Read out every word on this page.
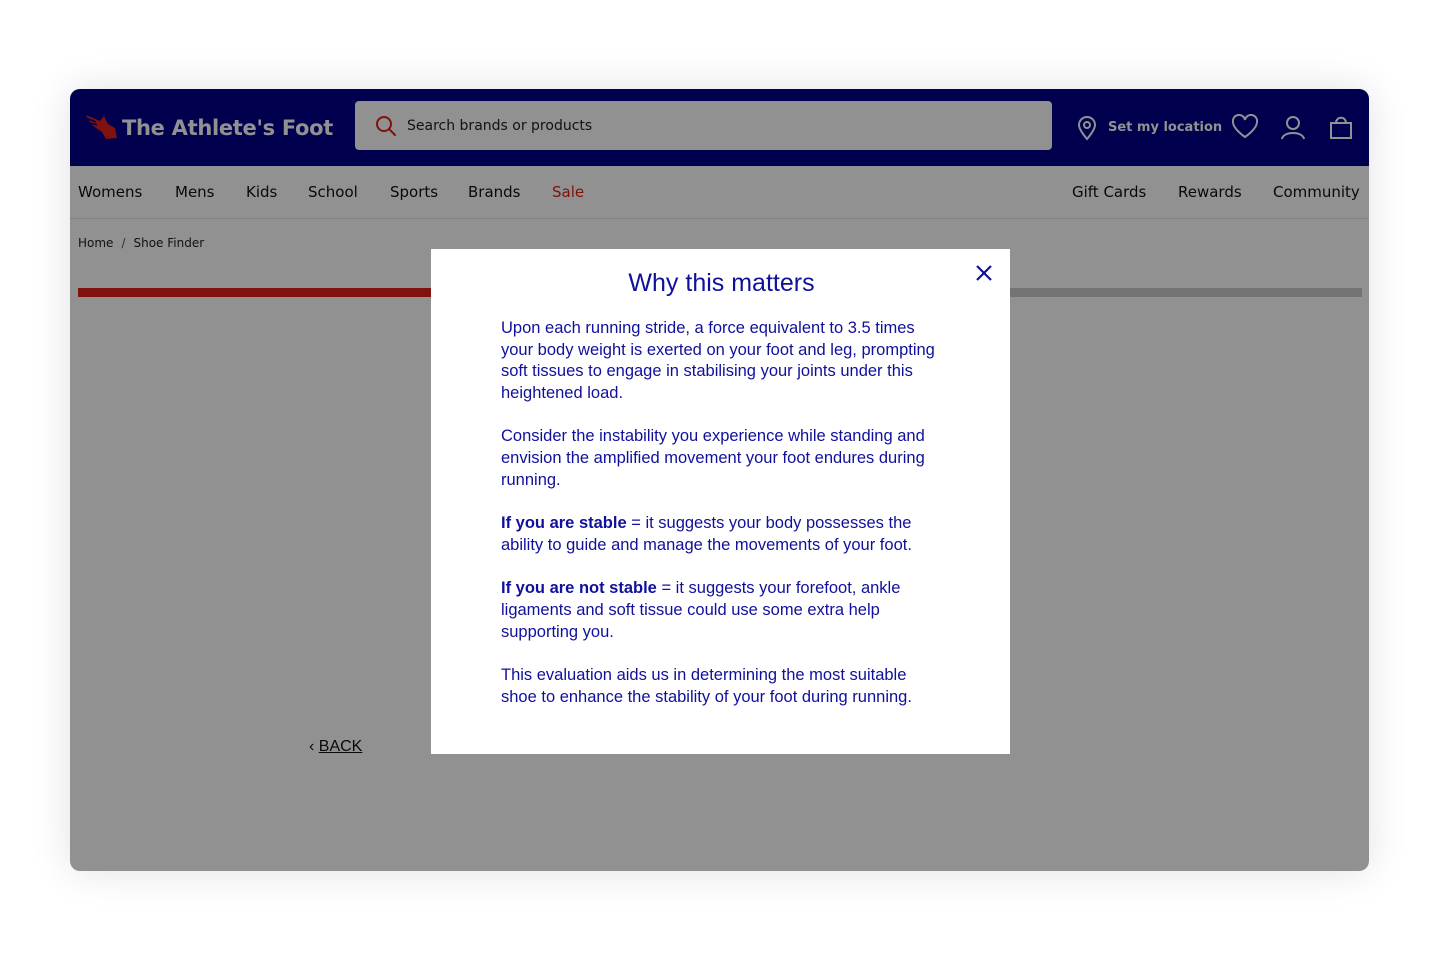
The Athlete's Foot	Search brands or products	Set my location
Womens Mens Kids School Sports Brands Sale	Gift Cards Rewards Community
Home / Shoe Finder
‹ BACK
Why this matters

Upon each running stride, a force equivalent to 3.5 times your body weight is exerted on your foot and leg, prompting soft tissues to engage in stabilising your joints under this heightened load.

Consider the instability you experience while standing and envision the amplified movement your foot endures during running.

If you are stable = it suggests your body possesses the ability to guide and manage the movements of your foot.

If you are not stable = it suggests your forefoot, ankle ligaments and soft tissue could use some extra help supporting you.

This evaluation aids us in determining the most suitable shoe to enhance the stability of your foot during running.
